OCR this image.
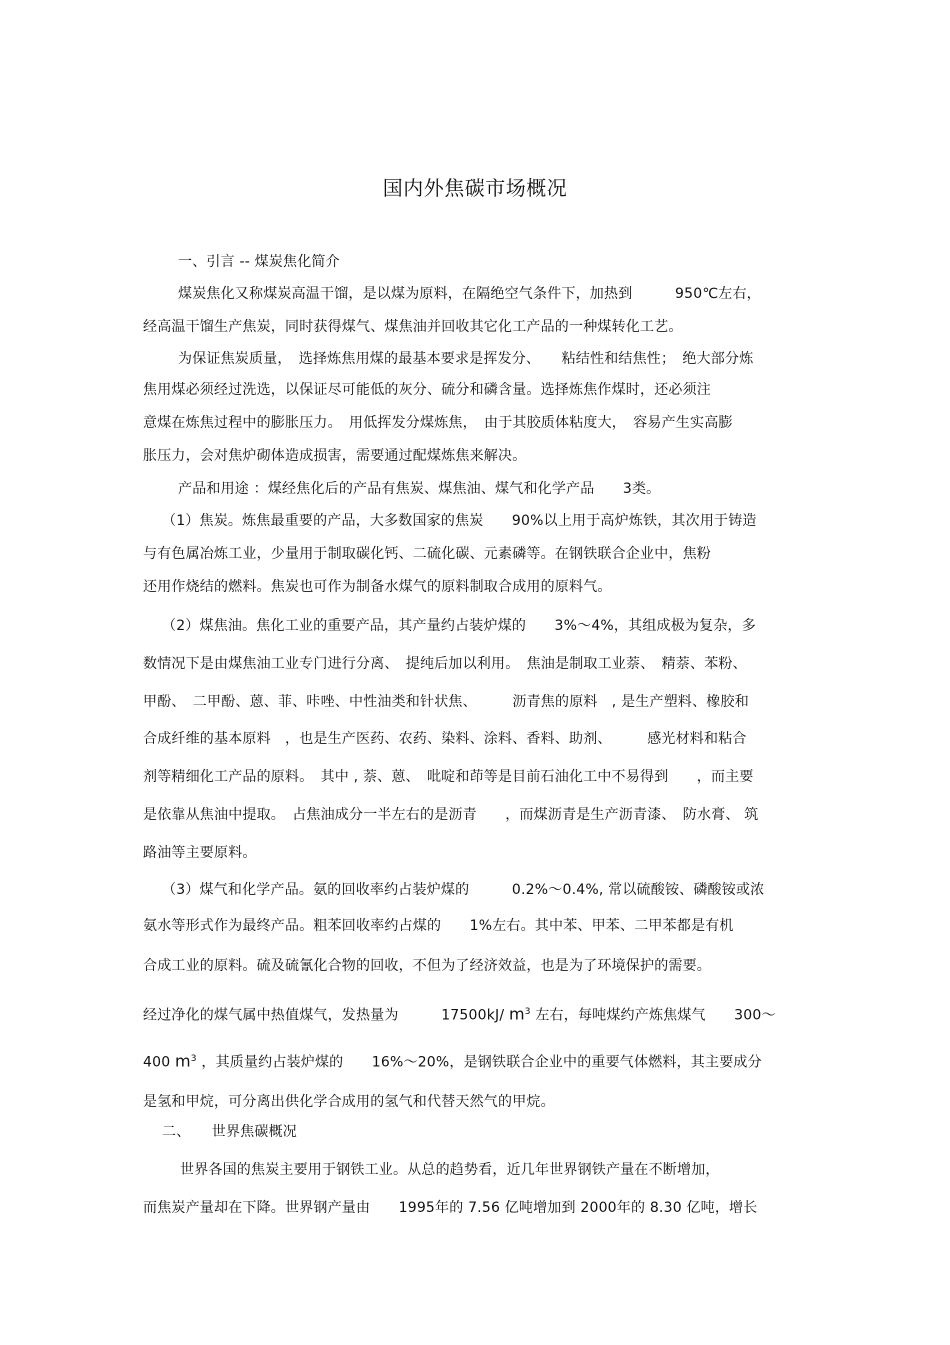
国内外焦碳市场概况
一、引言 -- 煤炭焦化简介
煤炭焦化又称煤炭高温干馏，是以煤为原料，在隔绝空气条件下，加热到　　　950℃左右，
经高温干馏生产焦炭，同时获得煤气、煤焦油并回收其它化工产品的一种煤转化工艺。
为保证焦炭质量，　选择炼焦用煤的最基本要求是挥发分、　　粘结性和结焦性；　绝大部分炼
焦用煤必须经过洗选，以保证尽可能低的灰分、硫分和磷含量。选择炼焦作煤时，还必须注
意煤在炼焦过程中的膨胀压力。　用低挥发分煤炼焦，　由于其胶质体粘度大，　容易产生实高膨
胀压力，会对焦炉砌体造成损害，需要通过配煤炼焦来解决。
产品和用途 ：煤经焦化后的产品有焦炭、煤焦油、煤气和化学产品　　3类。
（1）焦炭。炼焦最重要的产品，大多数国家的焦炭　　90%以上用于高炉炼铁，其次用于铸造
与有色属冶炼工业，少量用于制取碳化钙、二硫化碳、元素磷等。在钢铁联合企业中，焦粉
还用作烧结的燃料。焦炭也可作为制备水煤气的原料制取合成用的原料气。
（2）煤焦油。焦化工业的重要产品，其产量约占装炉煤的　　3%～4%，其组成极为复杂，多
数情况下是由煤焦油工业专门进行分离、　提纯后加以利用。　焦油是制取工业萘、　精萘、苯粉、
甲酚、　二甲酚、蒽、菲、咔唑、中性油类和针状焦、　　　沥青焦的原料　, 是生产塑料、橡胶和
合成纤维的基本原料　，也是生产医药、农药、染料、涂料、香料、助剂、　　　感光材料和粘合
剂等精细化工产品的原料。　其中 , 萘、蒽、　吡啶和茚等是目前石油化工中不易得到　　，而主要
是依靠从焦油中提取。　占焦油成分一半左右的是沥青　　，而煤沥青是生产沥青漆、　防水膏、 筑
路油等主要原料。
（3）煤气和化学产品。氨的回收率约占装炉煤的　　　0.2%～0.4%, 常以硫酸铵、磷酸铵或浓
氨水等形式作为最终产品。粗苯回收率约占煤的　　1%左右。其中苯、甲苯、二甲苯都是有机
合成工业的原料。硫及硫氰化合物的回收，不但为了经济效益，也是为了环境保护的需要。
经过净化的煤气属中热值煤气，发热量为　　　17500kJ/ $m^3$ 左右，每吨煤约产炼焦煤气　　300～
400 $m^3$ ，其质量约占装炉煤的　　16%～20%，是钢铁联合企业中的重要气体燃料，其主要成分
是氢和甲烷，可分离出供化学合成用的氢气和代替天然气的甲烷。
二、　　世界焦碳概况
世界各国的焦炭主要用于钢铁工业。从总的趋势看，近几年世界钢铁产量在不断增加，
而焦炭产量却在下降。世界钢产量由　　1995年的 7.56 亿吨增加到 2000年的 8.30 亿吨，增长
